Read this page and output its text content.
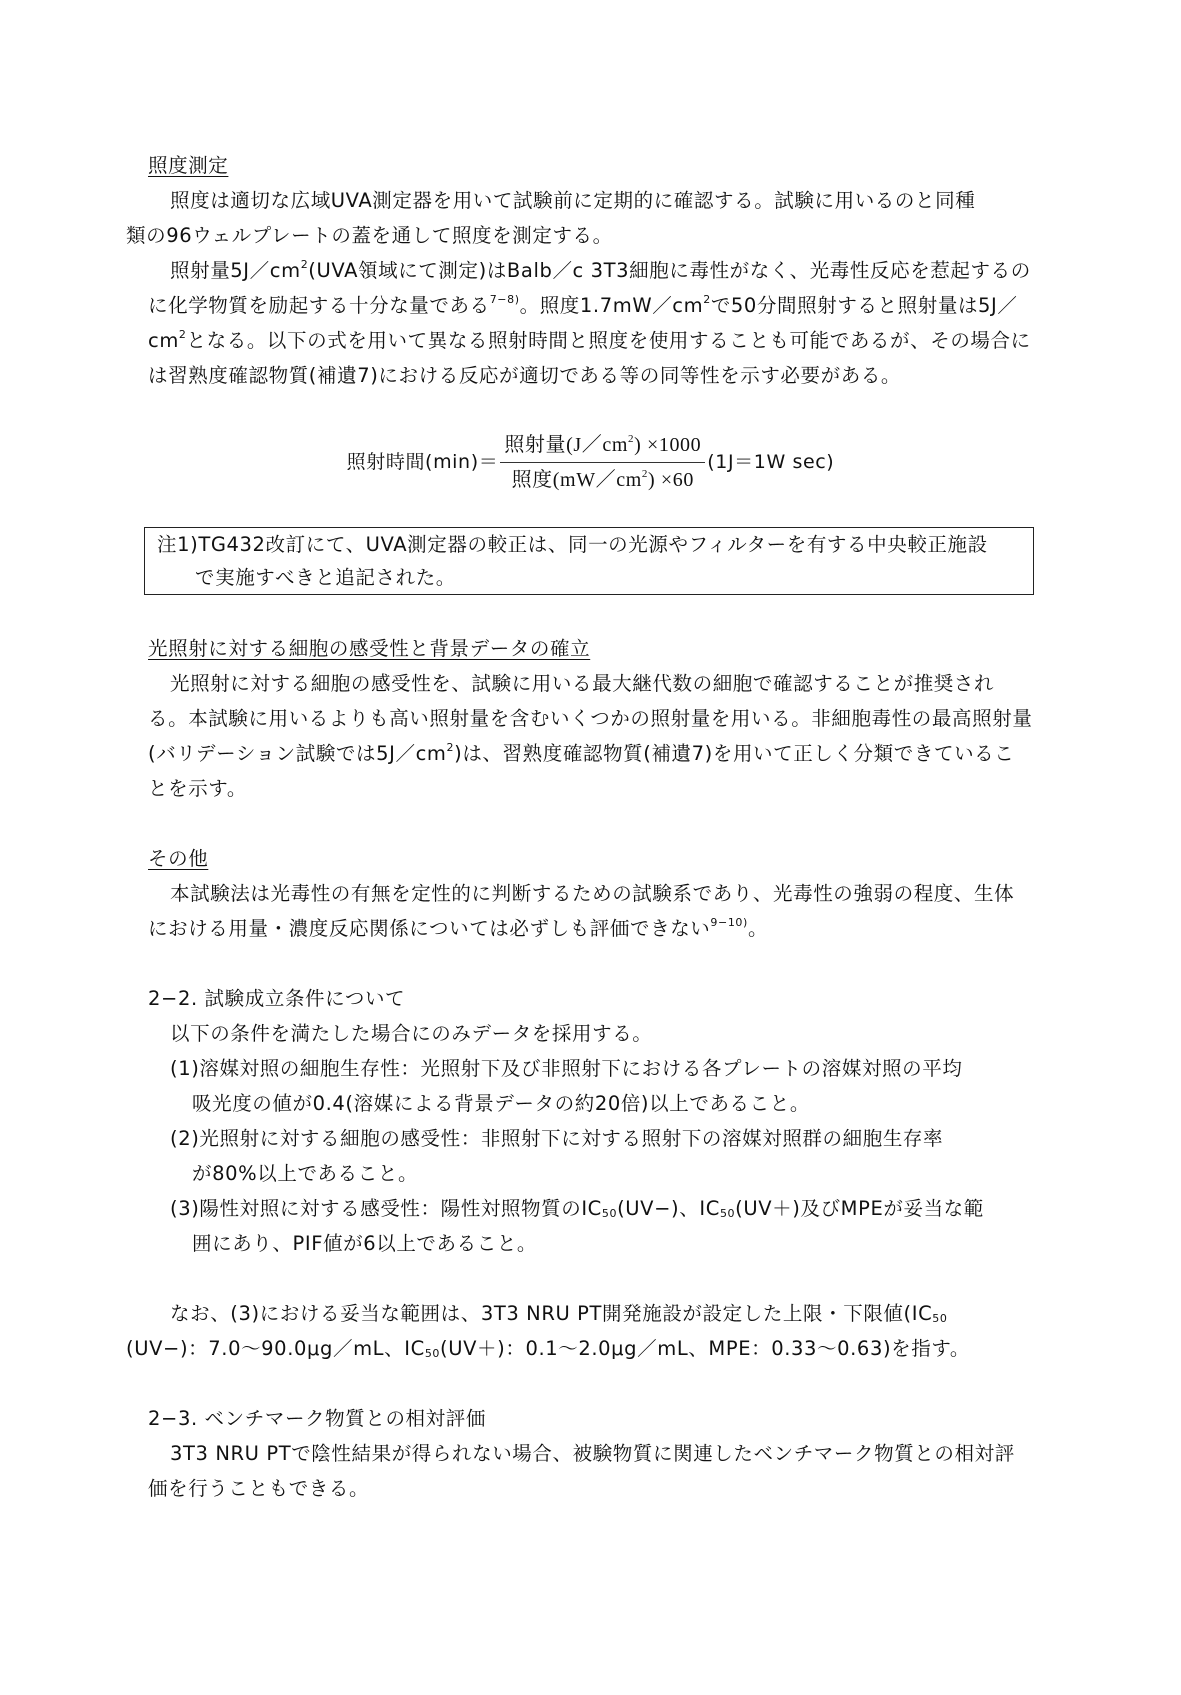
照度測定

照度は適切な広域UVA測定器を用いて試験前に定期的に確認する。試験に用いるのと同種
類の96ウェルプレートの蓋を通して照度を測定する。

照射量$5J/cm^2(UVA$領域にて測定)はBalb／c 3T3細胞に毒性がなく、光毒性反応を惹起するのに化学物質を励起する十分な量である$^{7-8)}$。照度$1.7mW/cm^2$で50分間照射すると照射量は$5J/cm^2$となる。以下の式を用いて異なる照射時間と照度を使用することも可能であるが、その場合には習熟度確認物質(補遺7)における反応が適切である等の同等性を示す必要がある。

照射時間$(\min)= \frac{照射量(J/cm^2) \times 1000}{照度(mW/cm^2) \times 60} (1J=1W$ sec)
注1)TG432改訂にて、UVA測定器の較正は、同一の光源やフィルターを有する中央較正施設
で実施すべきと追記された。

光照射に対する細胞の感受性と背景データの確立

光照射に対する細胞の感受性を、試験に用いる最大継代数の細胞で確認することが推奨される。本試験に用いるよりも高い照射量を含むいくつかの照射量を用いる。非細胞毒性の最高照射量(バリデーション試験では$5J/cm^2$)は、習熟度確認物質(補遺7)を用いて正しく分類できていることを示す。

その他

本試験法は光毒性の有無を定性的に判断するための試験系であり、光毒性の強弱の程度、生体における用量・濃度反応関係については必ずしも評価できない$^{9-10)}$。

2−2. 試験成立条件について

以下の条件を満たした場合にのみデータを採用する。

(1)溶媒対照の細胞生存性：光照射下及び非照射下における各プレートの溶媒対照の平均
吸光度の値が0.4(溶媒による背景データの約20倍)以上であること。

(2)光照射に対する細胞の感受性：非照射下に対する照射下の溶媒対照群の細胞生存率
が80%以上であること。

(3)陽性対照に対する感受性：陽性対照物質の$IC_{50}(UV-)$、$IC_{50}(UV+)$及びMPEが妥当な範
囲にあり、PIF値が6以上であること。

なお、(3)における妥当な範囲は、3T3 NRU PT開発施設が設定した上限・下限値($IC_{50}$
(UV−)：7.0〜90.0μg／mL、$IC_{50}(UV+)$：0.1〜2.0μg／mL、MPE：0.33〜0.63)を指す。

2−3. ベンチマーク物質との相対評価

3T3 NRU PTで陰性結果が得られない場合、被験物質に関連したベンチマーク物質との相対評価を行うこともできる。
